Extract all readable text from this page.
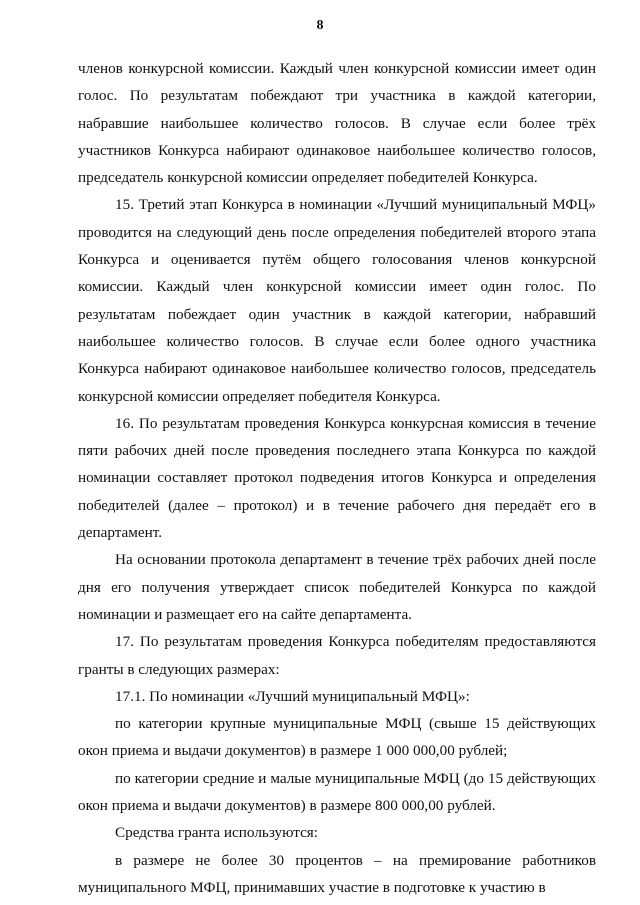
8

членов конкурсной комиссии. Каждый член конкурсной комиссии имеет один голос. По результатам побеждают три участника в каждой категории, набравшие наибольшее количество голосов. В случае если более трёх участников Конкурса набирают одинаковое наибольшее количество голосов, председатель конкурсной комиссии определяет победителей Конкурса.

15. Третий этап Конкурса в номинации «Лучший муниципальный МФЦ» проводится на следующий день после определения победителей второго этапа Конкурса и оценивается путём общего голосования членов конкурсной комиссии. Каждый член конкурсной комиссии имеет один голос. По результатам побеждает один участник в каждой категории, набравший наибольшее количество голосов. В случае если более одного участника Конкурса набирают одинаковое наибольшее количество голосов, председатель конкурсной комиссии определяет победителя Конкурса.

16. По результатам проведения Конкурса конкурсная комиссия в течение пяти рабочих дней после проведения последнего этапа Конкурса по каждой номинации составляет протокол подведения итогов Конкурса и определения победителей (далее – протокол) и в течение рабочего дня передаёт его в департамент.

На основании протокола департамент в течение трёх рабочих дней после дня его получения утверждает список победителей Конкурса по каждой номинации и размещает его на сайте департамента.

17. По результатам проведения Конкурса победителям предоставляются гранты в следующих размерах:

17.1. По номинации «Лучший муниципальный МФЦ»:

по категории крупные муниципальные МФЦ (свыше 15 действующих окон приема и выдачи документов) в размере 1 000 000,00 рублей;

по категории средние и малые муниципальные МФЦ (до 15 действующих окон приема и выдачи документов) в размере 800 000,00 рублей.

Средства гранта используются:

в размере не более 30 процентов – на премирование работников муниципального МФЦ, принимавших участие в подготовке к участию в
